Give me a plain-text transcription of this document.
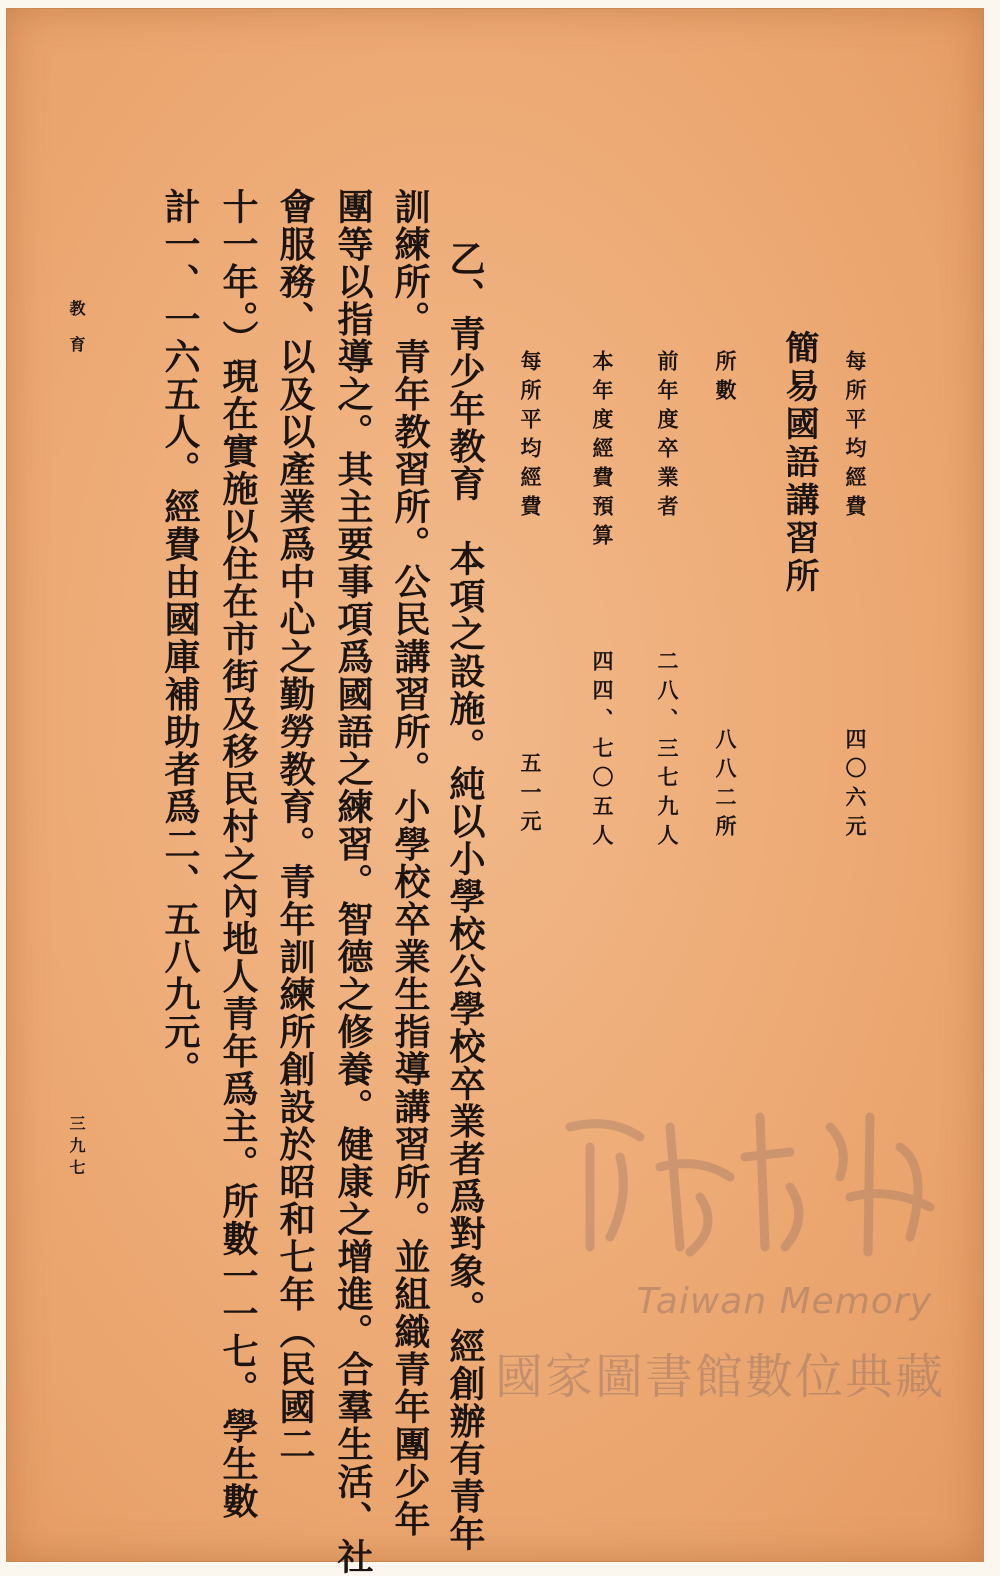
每所平均經費
四〇六元
簡易國語講習所
所數
八八二所
前年度卒業者
二八、三七九人
本年度經費預算
四四、七〇五人
每所平均經費
五一元
乙、青少年教育　本項之設施。純以小學校公學校卒業者爲對象。經創辦有青年
訓練所。青年教習所。公民講習所。小學校卒業生指導講習所。並組織青年團少年
團等以指導之。其主要事項爲國語之練習。智德之修養。健康之增進。合羣生活、社
會服務、以及以產業爲中心之勤勞教育。青年訓練所創設於昭和七年（民國二
十一年。）現在實施以住在市街及移民村之內地人青年爲主。所數一一七。學生數
計一、一六五人。經費由國庫補助者爲二、五八九元。
教育
三九七
Taiwan Memory
國家圖書館數位典藏
